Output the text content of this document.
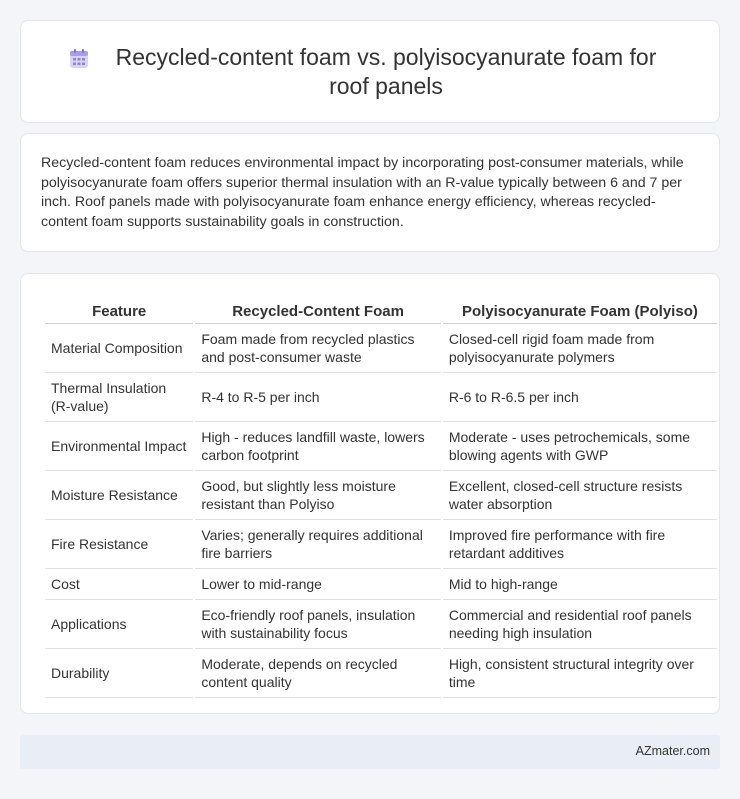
Recycled-content foam vs. polyisocyanurate foam for roof panels

Recycled-content foam reduces environmental impact by incorporating post-consumer materials, while polyisocyanurate foam offers superior thermal insulation with an R-value typically between 6 and 7 per inch. Roof panels made with polyisocyanurate foam enhance energy efficiency, whereas recycled-content foam supports sustainability goals in construction.

Feature	Recycled-Content Foam	Polyisocyanurate Foam (Polyiso)
Material Composition	Foam made from recycled plastics and post-consumer waste	Closed-cell rigid foam made from polyisocyanurate polymers
Thermal Insulation (R-value)	R-4 to R-5 per inch	R-6 to R-6.5 per inch
Environmental Impact	High - reduces landfill waste, lowers carbon footprint	Moderate - uses petrochemicals, some blowing agents with GWP
Moisture Resistance	Good, but slightly less moisture resistant than Polyiso	Excellent, closed-cell structure resists water absorption
Fire Resistance	Varies; generally requires additional fire barriers	Improved fire performance with fire retardant additives
Cost	Lower to mid-range	Mid to high-range
Applications	Eco-friendly roof panels, insulation with sustainability focus	Commercial and residential roof panels needing high insulation
Durability	Moderate, depends on recycled content quality	High, consistent structural integrity over time
AZmater.com
